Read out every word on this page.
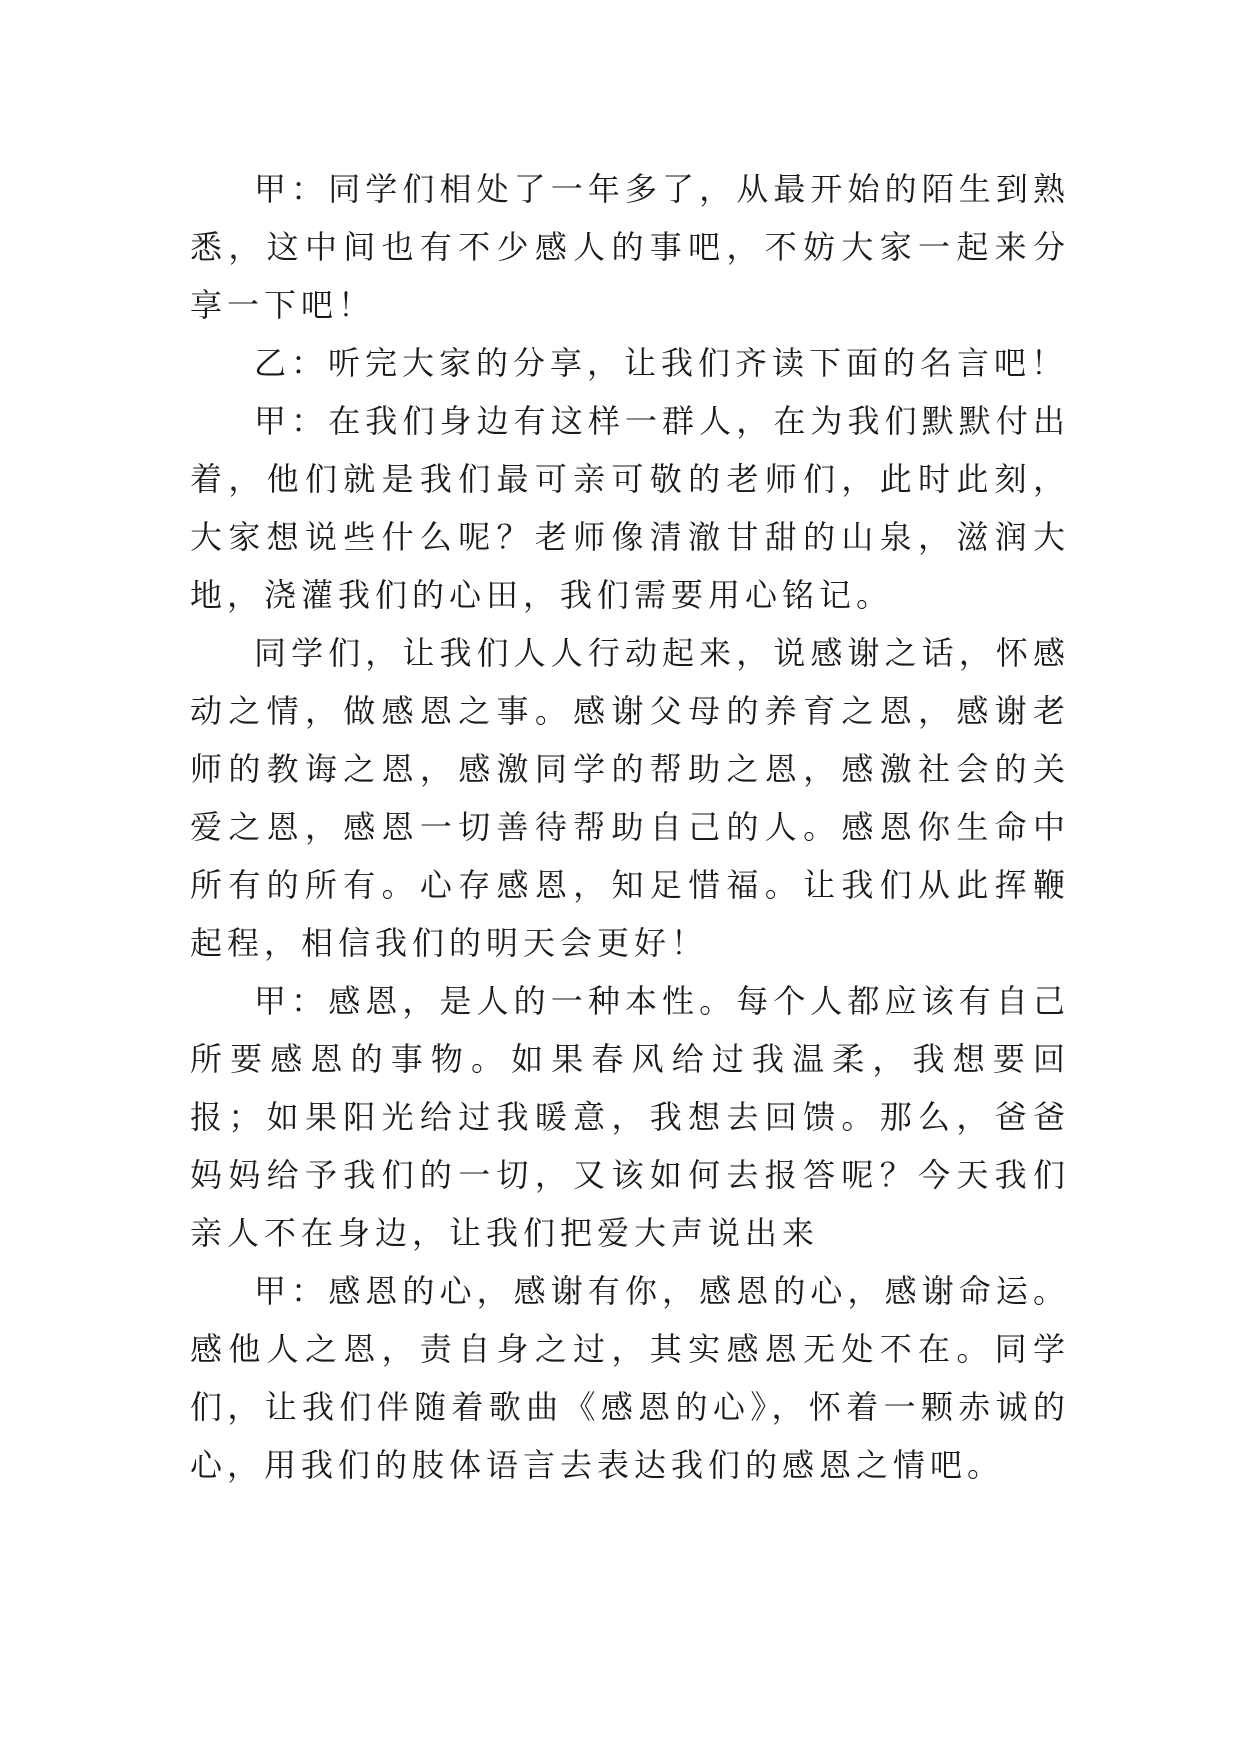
甲：同学们相处了一年多了，从最开始的陌生到熟悉，这中间也有不少感人的事吧，不妨大家一起来分享一下吧！

乙：听完大家的分享，让我们齐读下面的名言吧！

甲：在我们身边有这样一群人，在为我们默默付出着，他们就是我们最可亲可敬的老师们，此时此刻，大家想说些什么呢？老师像清澈甘甜的山泉，滋润大地，浇灌我们的心田，我们需要用心铭记。

同学们，让我们人人行动起来，说感谢之话，怀感动之情，做感恩之事。感谢父母的养育之恩，感谢老师的教诲之恩，感激同学的帮助之恩，感激社会的关爱之恩，感恩一切善待帮助自己的人。感恩你生命中所有的所有。心存感恩，知足惜福。让我们从此挥鞭起程，相信我们的明天会更好！

甲：感恩，是人的一种本性。每个人都应该有自己所要感恩的事物。如果春风给过我温柔，我想要回报；如果阳光给过我暖意，我想去回馈。那么，爸爸妈妈给予我们的一切，又该如何去报答呢？今天我们亲人不在身边，让我们把爱大声说出来

甲：感恩的心，感谢有你，感恩的心，感谢命运。感他人之恩，责自身之过，其实感恩无处不在。同学们，让我们伴随着歌曲《感恩的心》，怀着一颗赤诚的心，用我们的肢体语言去表达我们的感恩之情吧。
